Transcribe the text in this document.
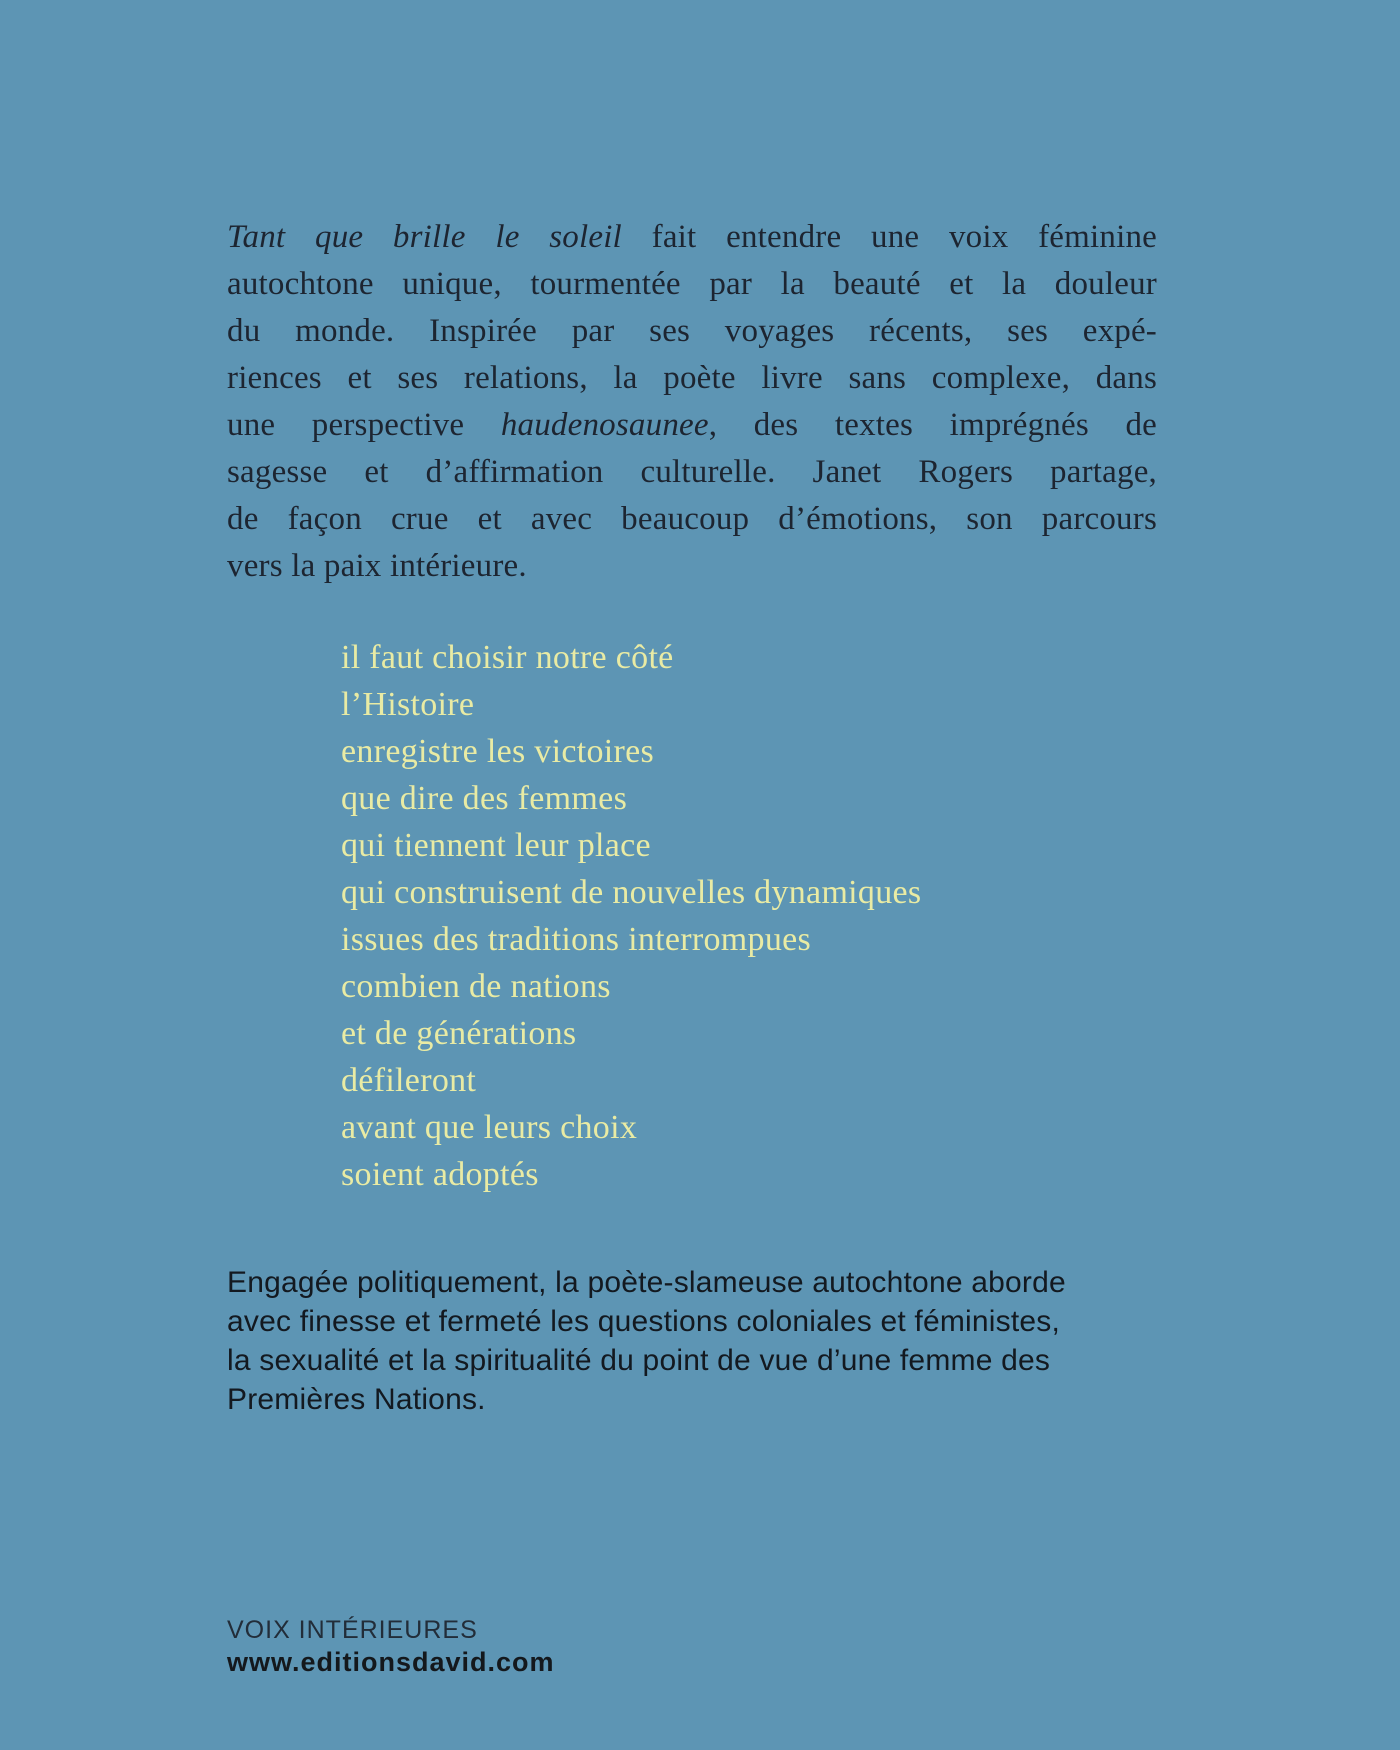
Tant que brille le soleil fait entendre une voix féminine
autochtone unique, tourmentée par la beauté et la douleur
du monde. Inspirée par ses voyages récents, ses expé-
riences et ses relations, la poète livre sans complexe, dans
une perspective haudenosaunee, des textes imprégnés de
sagesse et d’affirmation culturelle. Janet Rogers partage,
de façon crue et avec beaucoup d’émotions, son parcours
vers la paix intérieure.
il faut choisir notre côté
l’Histoire
enregistre les victoires
que dire des femmes
qui tiennent leur place
qui construisent de nouvelles dynamiques
issues des traditions interrompues
combien de nations
et de générations
défileront
avant que leurs choix
soient adoptés
Engagée politiquement, la poète-slameuse autochtone aborde
avec finesse et fermeté les questions coloniales et féministes,
la sexualité et la spiritualité du point de vue d’une femme des
Premières Nations.
VOIX INTÉRIEURES
www.editionsdavid.com
